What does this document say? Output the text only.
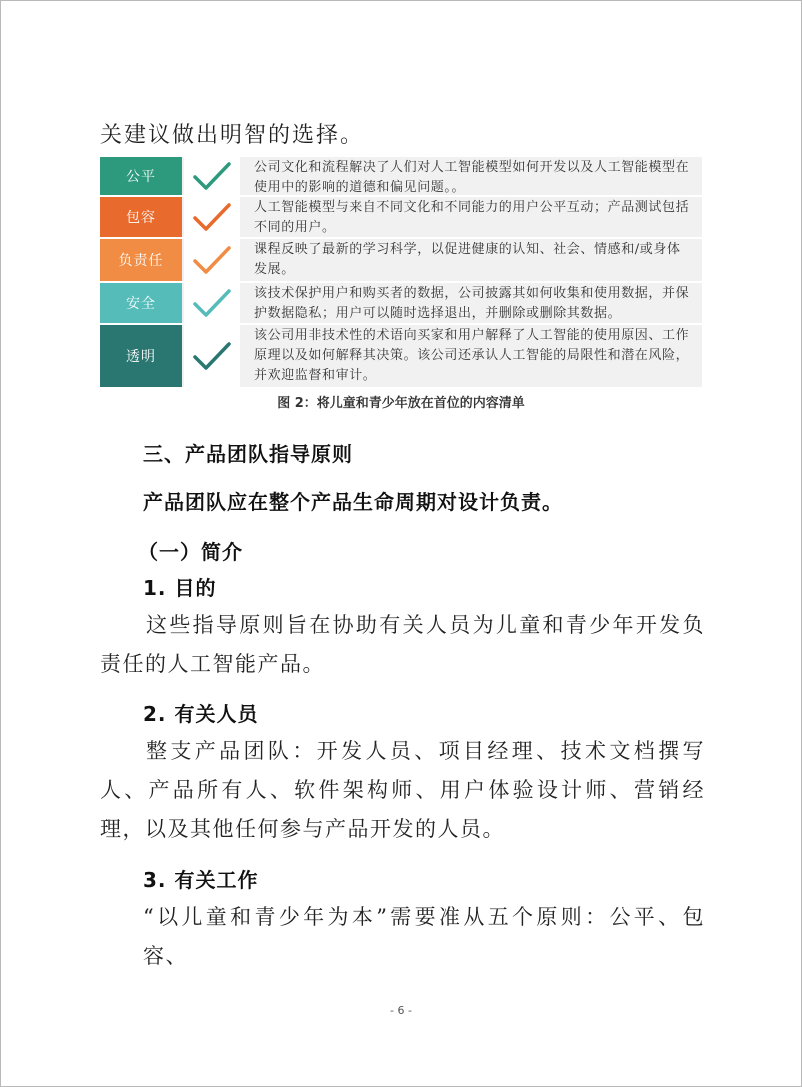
关建议做出明智的选择。
公平
公司文化和流程解决了人们对人工智能模型如何开发以及人工智能模型在使用中的影响的道德和偏见问题。。
包容
人工智能模型与来自不同文化和不同能力的用户公平互动；产品测试包括不同的用户。
负责任
课程反映了最新的学习科学，以促进健康的认知、社会、情感和/或身体发展。
安全
该技术保护用户和购买者的数据，公司披露其如何收集和使用数据，并保护数据隐私；用户可以随时选择退出，并删除或删除其数据。
透明
该公司用非技术性的术语向买家和用户解释了人工智能的使用原因、工作原理以及如何解释其决策。该公司还承认人工智能的局限性和潜在风险，并欢迎监督和审计。
图 2：将儿童和青少年放在首位的内容清单
三、产品团队指导原则
产品团队应在整个产品生命周期对设计负责。
（一）简介
1. 目的
这些指导原则旨在协助有关人员为儿童和青少年开发负责任的人工智能产品。
2. 有关人员
整支产品团队：开发人员、项目经理、技术文档撰写人、产品所有人、软件架构师、用户体验设计师、营销经理，以及其他任何参与产品开发的人员。
3. 有关工作
“以儿童和青少年为本”需要准从五个原则：公平、包容、
- 6 -
